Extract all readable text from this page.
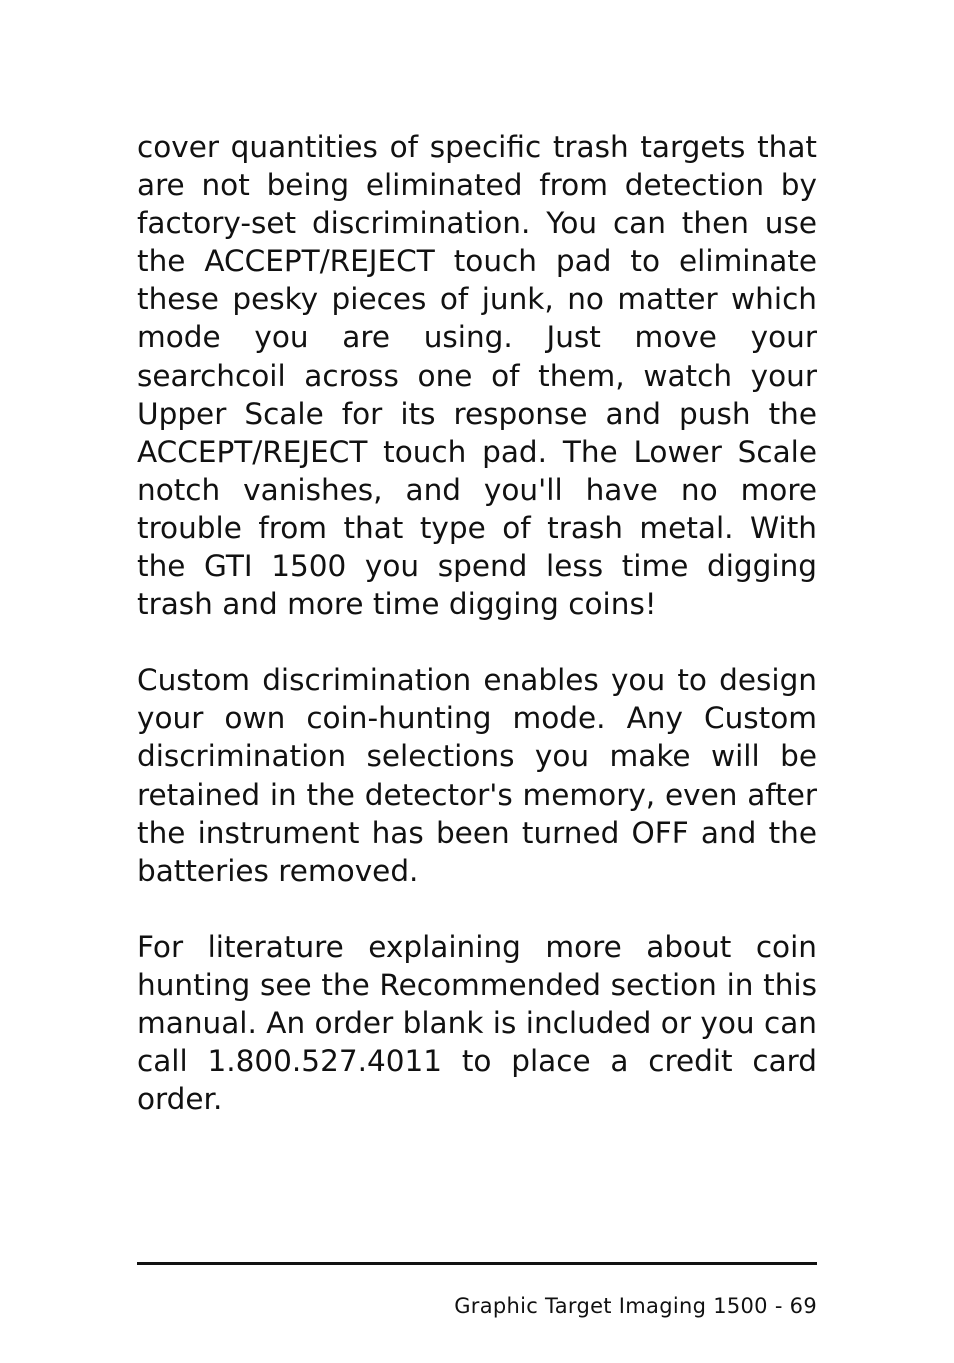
cover quantities of specific trash targets that are not being eliminated from detection by factory-set discrimination. You can then use the ACCEPT/REJECT touch pad to eliminate these pesky pieces of junk, no matter which mode you are using. Just move your searchcoil across one of them, watch your Upper Scale for its response and push the ACCEPT/REJECT touch pad. The Lower Scale notch vanishes, and you'll have no more trouble from that type of trash metal. With the GTI 1500 you spend less time digging trash and more time digging coins!

Custom discrimination enables you to design your own coin-hunting mode. Any Custom discrimination selections you make will be retained in the detector's memory, even after the instrument has been turned OFF and the batteries removed.

For literature explaining more about coin hunting see the Recommended section in this manual. An order blank is included or you can call 1.800.527.4011 to place a credit card order.

Graphic Target Imaging 1500 - 69
